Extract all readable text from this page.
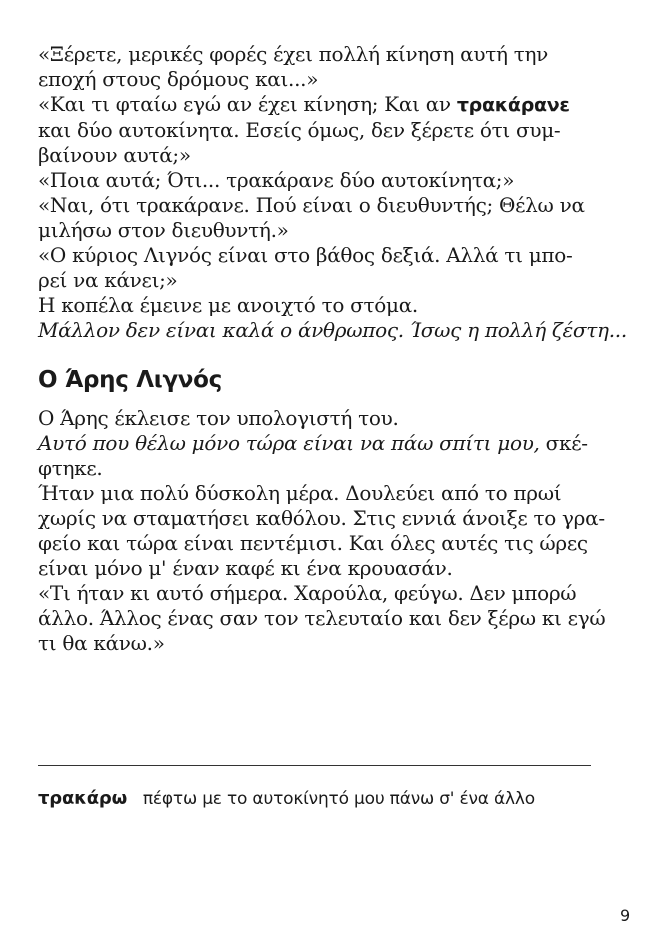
«Ξέρετε, μερικές φορές έχει πολλή κίνηση αυτή την
εποχή στους δρόμους και...»
«Και τι φταίω εγώ αν έχει κίνηση; Και αν τρακάρανε
και δύο αυτοκίνητα. Εσείς όμως, δεν ξέρετε ότι συμ-
βαίνουν αυτά;»
«Ποια αυτά; Ότι... τρακάρανε δύο αυτοκίνητα;»
«Ναι, ότι τρακάρανε. Πού είναι ο διευθυντής; Θέλω να
μιλήσω στον διευθυντή.»
«Ο κύριος Λιγνός είναι στο βάθος δεξιά. Αλλά τι μπο-
ρεί να κάνει;»
Η κοπέλα έμεινε με ανοιχτό το στόμα.
Μάλλον δεν είναι καλά ο άνθρωπος. Ίσως η πολλή ζέστη...
Ο Άρης Λιγνός
Ο Άρης έκλεισε τον υπολογιστή του.
Αυτό που θέλω μόνο τώρα είναι να πάω σπίτι μου, σκέ-
φτηκε.
Ήταν μια πολύ δύσκολη μέρα. Δουλεύει από το πρωί
χωρίς να σταματήσει καθόλου. Στις εννιά άνοιξε το γρα-
φείο και τώρα είναι πεντέμισι. Και όλες αυτές τις ώρες
είναι μόνο μ' έναν καφέ κι ένα κρουασάν.
«Τι ήταν κι αυτό σήμερα. Χαρούλα, φεύγω. Δεν μπορώ
άλλο. Άλλος ένας σαν τον τελευταίο και δεν ξέρω κι εγώ
τι θα κάνω.»
τρακάρω πέφτω με το αυτοκίνητό μου πάνω σ' ένα άλλο
9
